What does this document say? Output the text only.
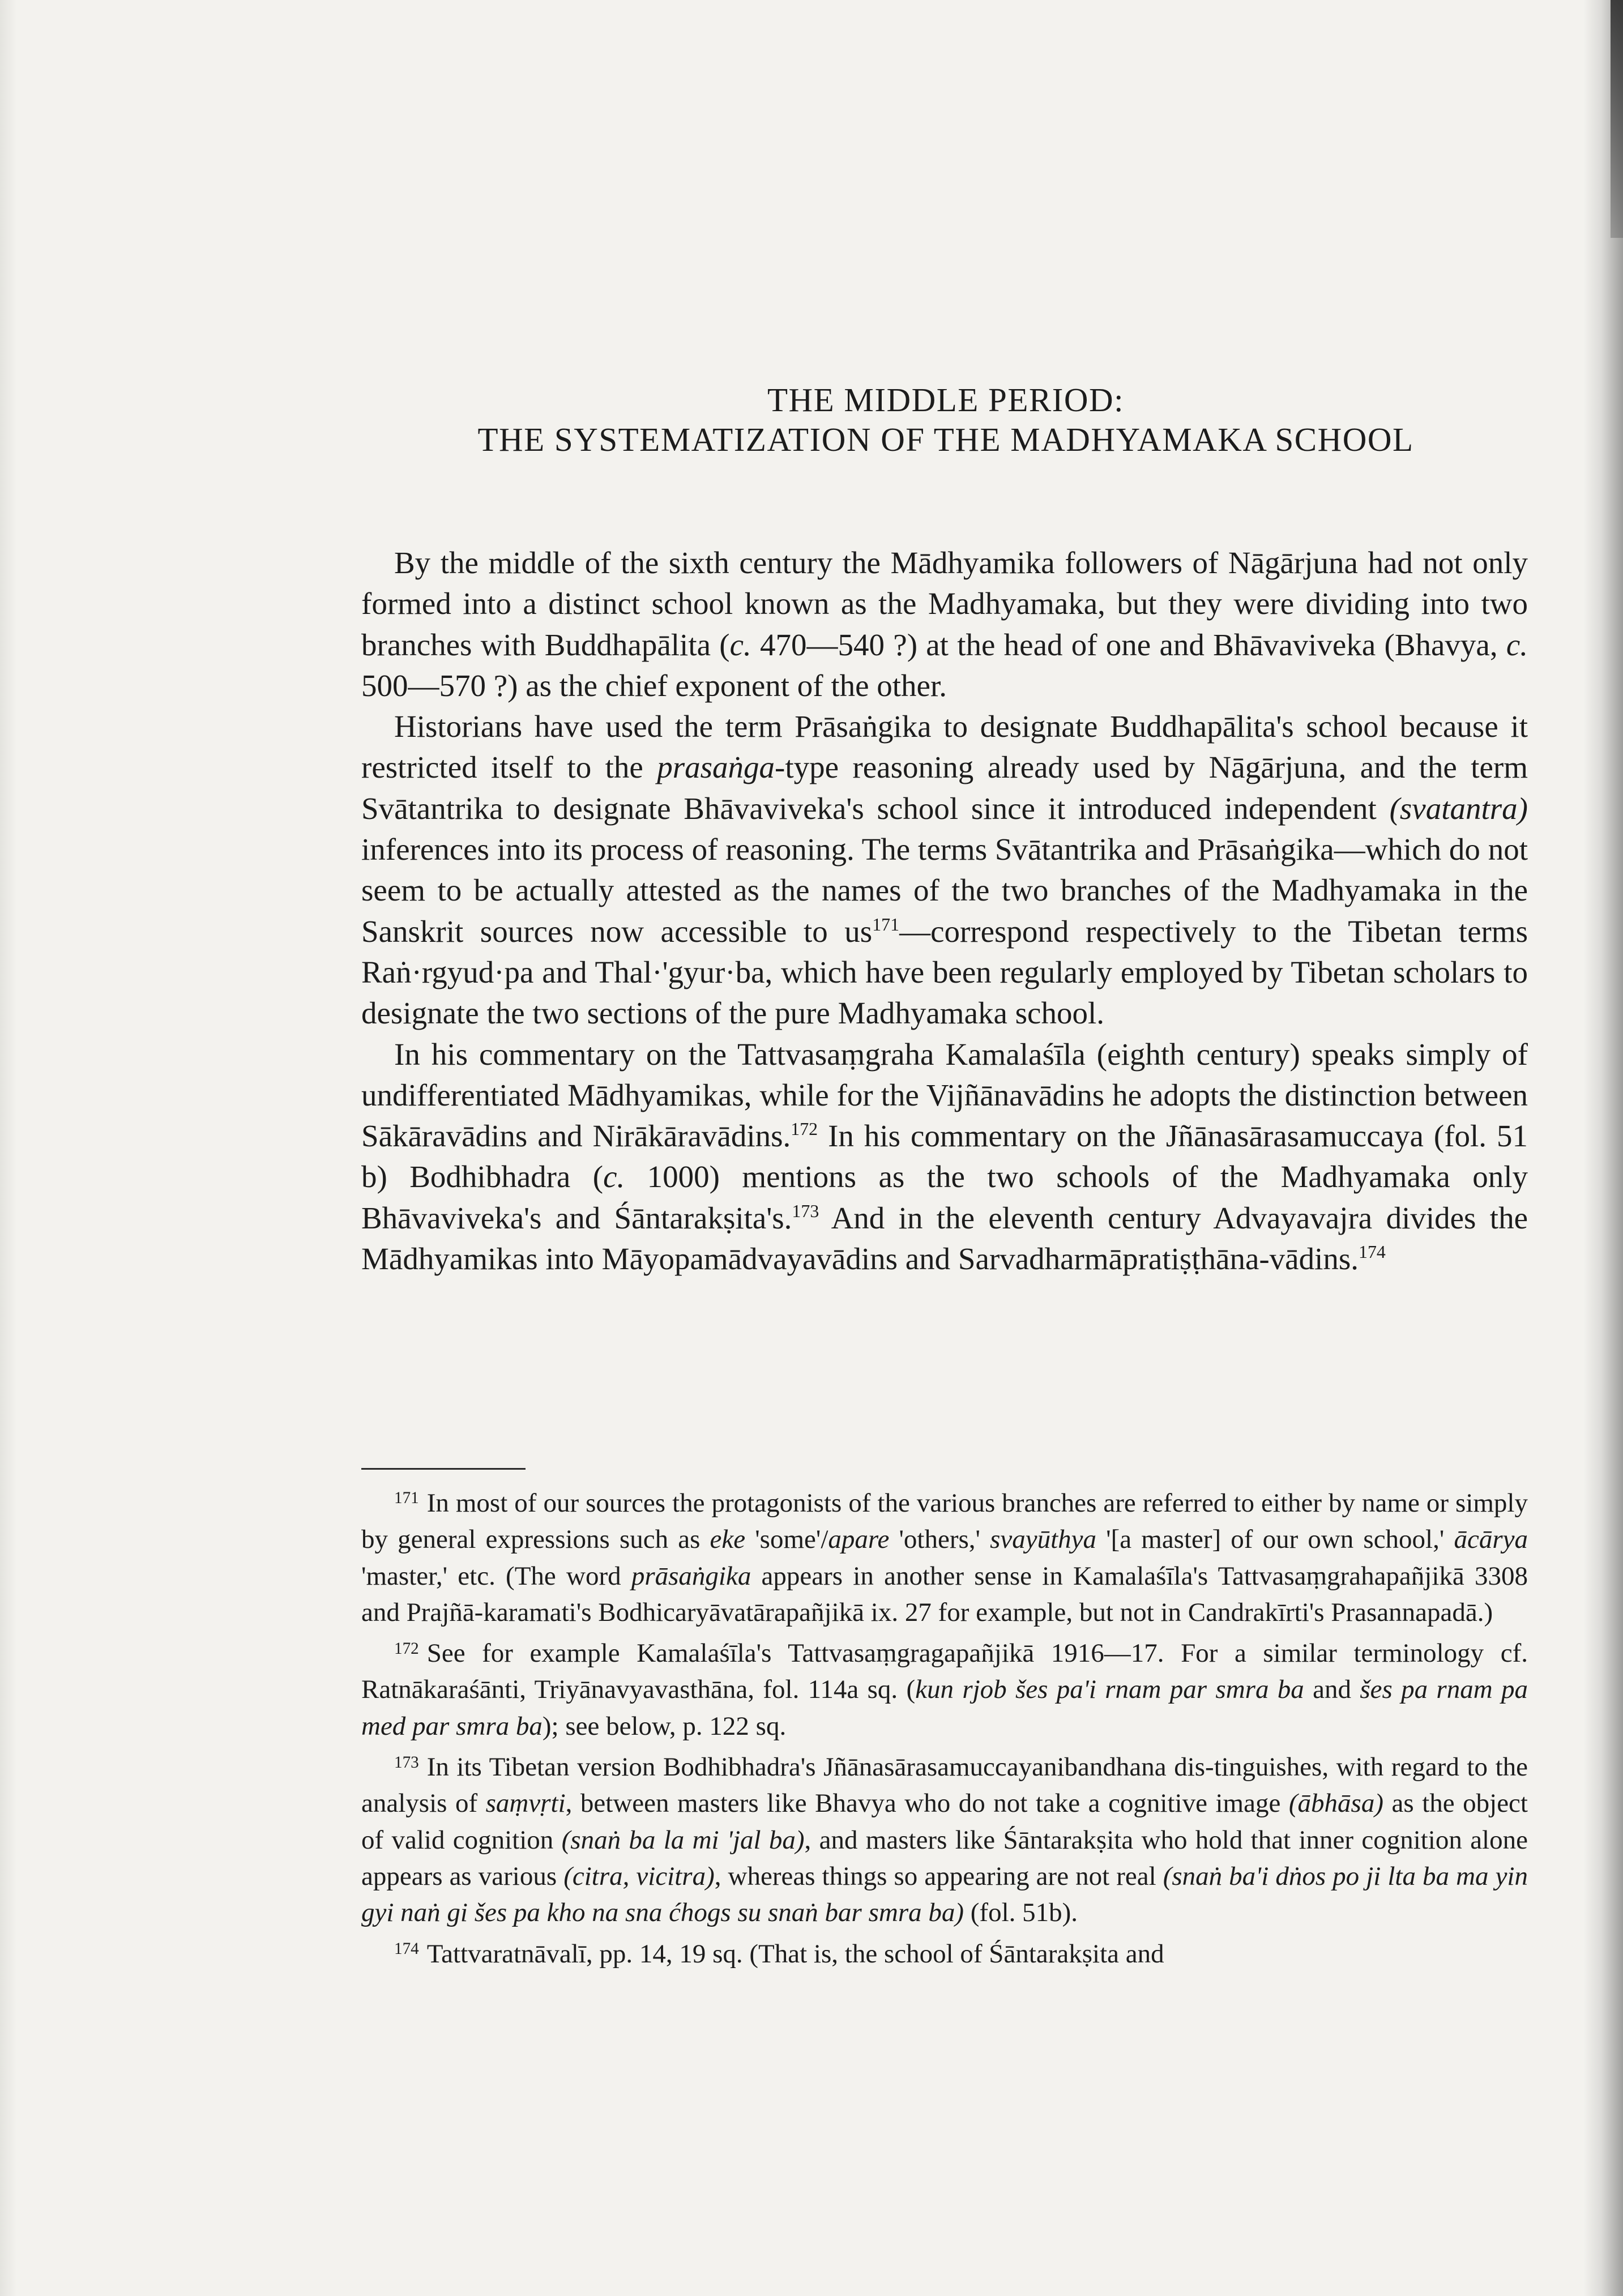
THE MIDDLE PERIOD:
THE SYSTEMATIZATION OF THE MADHYAMAKA SCHOOL

By the middle of the sixth century the Mādhyamika followers of Nāgārjuna had not only formed into a distinct school known as the Madhyamaka, but they were dividing into two branches with Buddhapālita (c. 470—540 ?) at the head of one and Bhāvaviveka (Bhavya, c. 500—570 ?) as the chief exponent of the other.

Historians have used the term Prāsaṅgika to designate Buddhapālita's school because it restricted itself to the prasaṅga-type reasoning already used by Nāgārjuna, and the term Svātantrika to designate Bhāvaviveka's school since it introduced independent (svatantra) inferences into its process of reasoning. The terms Svātantrika and Prāsaṅgika—which do not seem to be actually attested as the names of the two branches of the Madhyamaka in the Sanskrit sources now accessible to us$^{171}$—correspond respectively to the Tibetan terms Raṅ·rgyud·pa and Thal·'gyur·ba, which have been regularly employed by Tibetan scholars to designate the two sections of the pure Madhyamaka school.

In his commentary on the Tattvasaṃgraha Kamalaśīla (eighth century) speaks simply of undifferentiated Mādhyamikas, while for the Vijñānavādins he adopts the distinction between Sākāravādins and Nirākāravādins.$^{172}$ In his commentary on the Jñānasārasamuccaya (fol. 51 b) Bodhibhadra (c. 1000) mentions as the two schools of the Madhyamaka only Bhāvaviveka's and Śāntarakṣita's.$^{173}$ And in the eleventh century Advayavajra divides the Mādhyamikas into Māyopamādvayavādins and Sarvadharmāpratiṣṭhāna-vādins.$^{174}$

$^{171}$ In most of our sources the protagonists of the various branches are referred to either by name or simply by general expressions such as eke 'some'/apare 'others,' svayūthya '[a master] of our own school,' ācārya 'master,' etc. (The word prāsaṅgika appears in another sense in Kamalaśīla's Tattvasaṃgrahapañjikā 3308 and Prajñā-karamati's Bodhicaryāvatārapañjikā ix. 27 for example, but not in Candrakīrti's Prasannapadā.)

$^{172}$ See for example Kamalaśīla's Tattvasaṃgragapañjikā 1916—17. For a similar terminology cf. Ratnākaraśānti, Triyānavyavasthāna, fol. 114a sq. (kun rjob šes pa'i rnam par smra ba and šes pa rnam pa med par smra ba); see below, p. 122 sq.

$^{173}$ In its Tibetan version Bodhibhadra's Jñānasārasamuccayanibandhana dis-tinguishes, with regard to the analysis of saṃvṛti, between masters like Bhavya who do not take a cognitive image (ābhāsa) as the object of valid cognition (snaṅ ba la mi 'jal ba), and masters like Śāntarakṣita who hold that inner cognition alone appears as various (citra, vicitra), whereas things so appearing are not real (snaṅ ba'i dṅos po ji lta ba ma yin gyi naṅ gi šes pa kho na sna ćhogs su snaṅ bar smra ba) (fol. 51b).

$^{174}$ Tattvaratnāvalī, pp. 14, 19 sq. (That is, the school of Śāntarakṣita and
